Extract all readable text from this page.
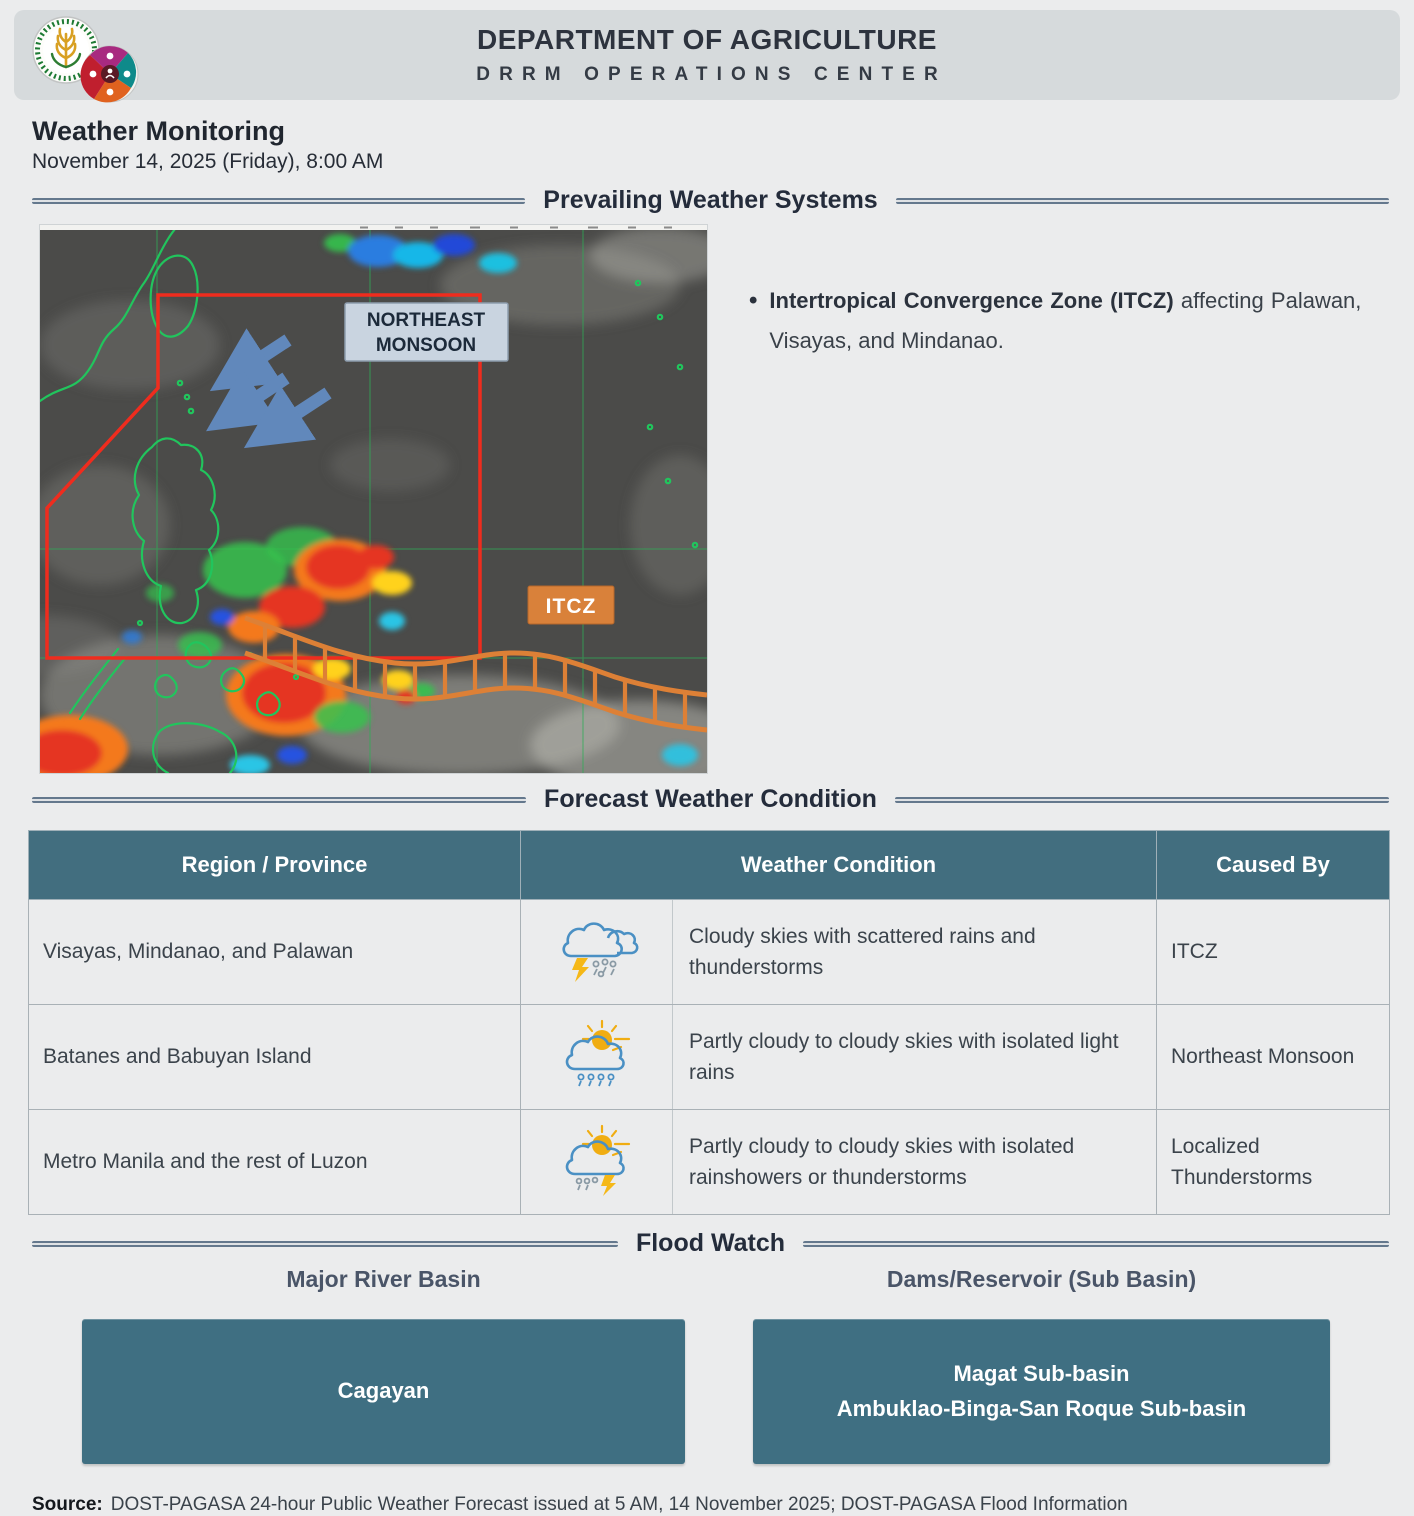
DEPARTMENT OF AGRICULTURE
DRRM OPERATIONS CENTER
Weather Monitoring
November 14, 2025 (Friday), 8:00 AM
Prevailing Weather Systems
NORTHEAST
MONSOON
ITCZ
• Intertropical Convergence Zone (ITCZ) affecting Palawan, Visayas, and Mindanao.

Forecast Weather Condition
Region / Province	Weather Condition		Caused By
Visayas, Mindanao, and Palawan		Cloudy skies with scattered rains and thunderstorms	ITCZ
Batanes and Babuyan Island		Partly cloudy to cloudy skies with isolated light rains	Northeast Monsoon
Metro Manila and the rest of Luzon		Partly cloudy to cloudy skies with isolated rainshowers or thunderstorms	Localized Thunderstorms
Flood Watch
Major River Basin
Cagayan
Dams/Reservoir (Sub Basin)
Magat Sub-basin
Ambuklao-Binga-San Roque Sub-basin
Source: DOST-PAGASA 24-hour Public Weather Forecast issued at 5 AM, 14 November 2025; DOST-PAGASA Flood Information
